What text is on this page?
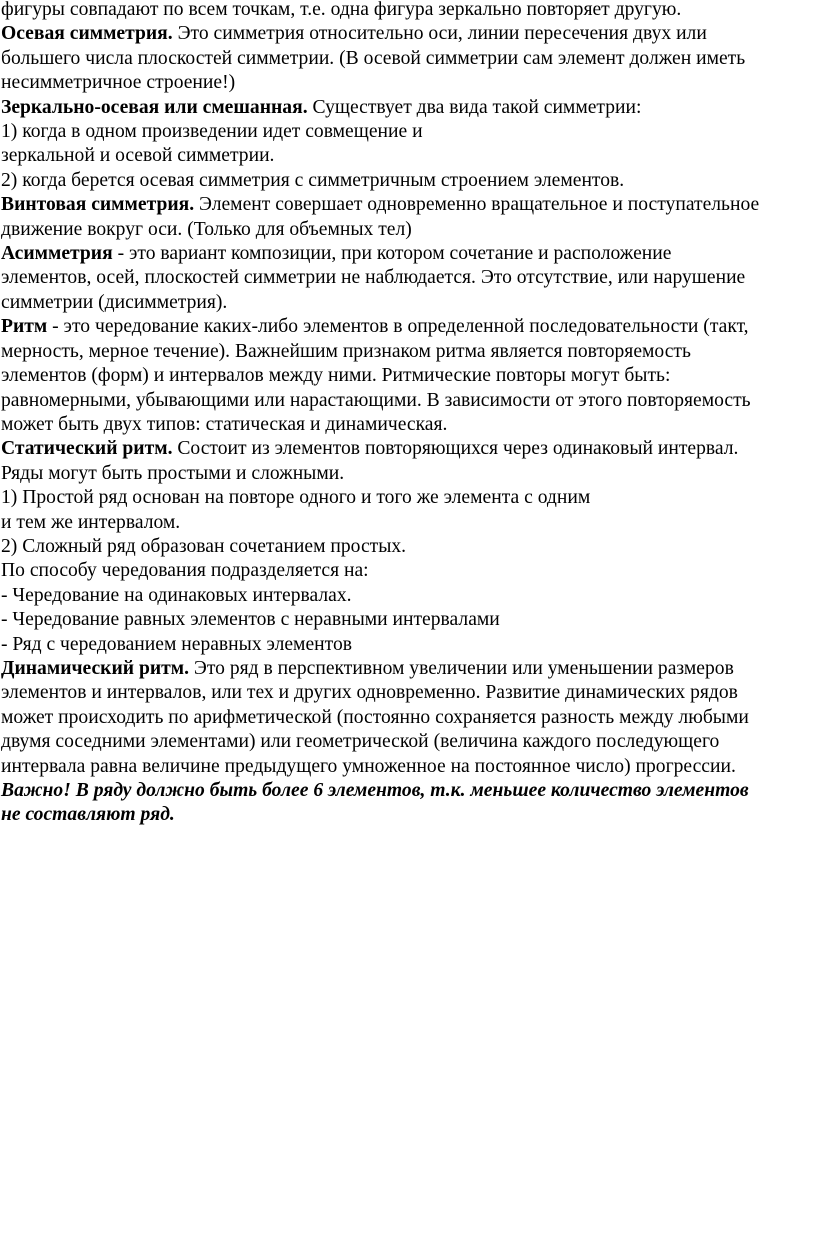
фигуры совпадают по всем точкам, т.е. одна фигура зеркально повторяет другую.
Осевая симметрия. Это симметрия относительно оси, линии пересечения двух или
большего числа плоскостей симметрии. (В осевой симметрии сам элемент должен иметь
несимметричное строение!)
Зеркально-осевая или смешанная. Существует два вида такой симметрии:
1) когда в одном произведении идет совмещение и
зеркальной и осевой симметрии.
2) когда берется осевая симметрия с симметричным строением элементов.
Винтовая симметрия. Элемент совершает одновременно вращательное и поступательное
движение вокруг оси. (Только для объемных тел)
Асимметрия - это вариант композиции, при котором сочетание и расположение
элементов, осей, плоскостей симметрии не наблюдается. Это отсутствие, или нарушение
симметрии (дисимметрия).
Ритм - это чередование каких-либо элементов в определенной последовательности (такт,
мерность, мерное течение). Важнейшим признаком ритма является повторяемость
элементов (форм) и интервалов между ними. Ритмические повторы могут быть:
равномерными, убывающими или нарастающими. В зависимости от этого повторяемость
может быть двух типов: статическая и динамическая.
Статический ритм. Состоит из элементов повторяющихся через одинаковый интервал.
Ряды могут быть простыми и сложными.
1) Простой ряд основан на повторе одного и того же элемента с одним
и тем же интервалом.
2) Сложный ряд образован сочетанием простых.
По способу чередования подразделяется на:
- Чередование на одинаковых интервалах.
- Чередование равных элементов с неравными интервалами
- Ряд с чередованием неравных элементов
Динамический ритм. Это ряд в перспективном увеличении или уменьшении размеров
элементов и интервалов, или тех и других одновременно. Развитие динамических рядов
может происходить по арифметической (постоянно сохраняется разность между любыми
двумя соседними элементами) или геометрической (величина каждого последующего
интервала равна величине предыдущего умноженное на постоянное число) прогрессии.
Важно! В ряду должно быть более 6 элементов, т.к. меньшее количество элементов
не составляют ряд.
